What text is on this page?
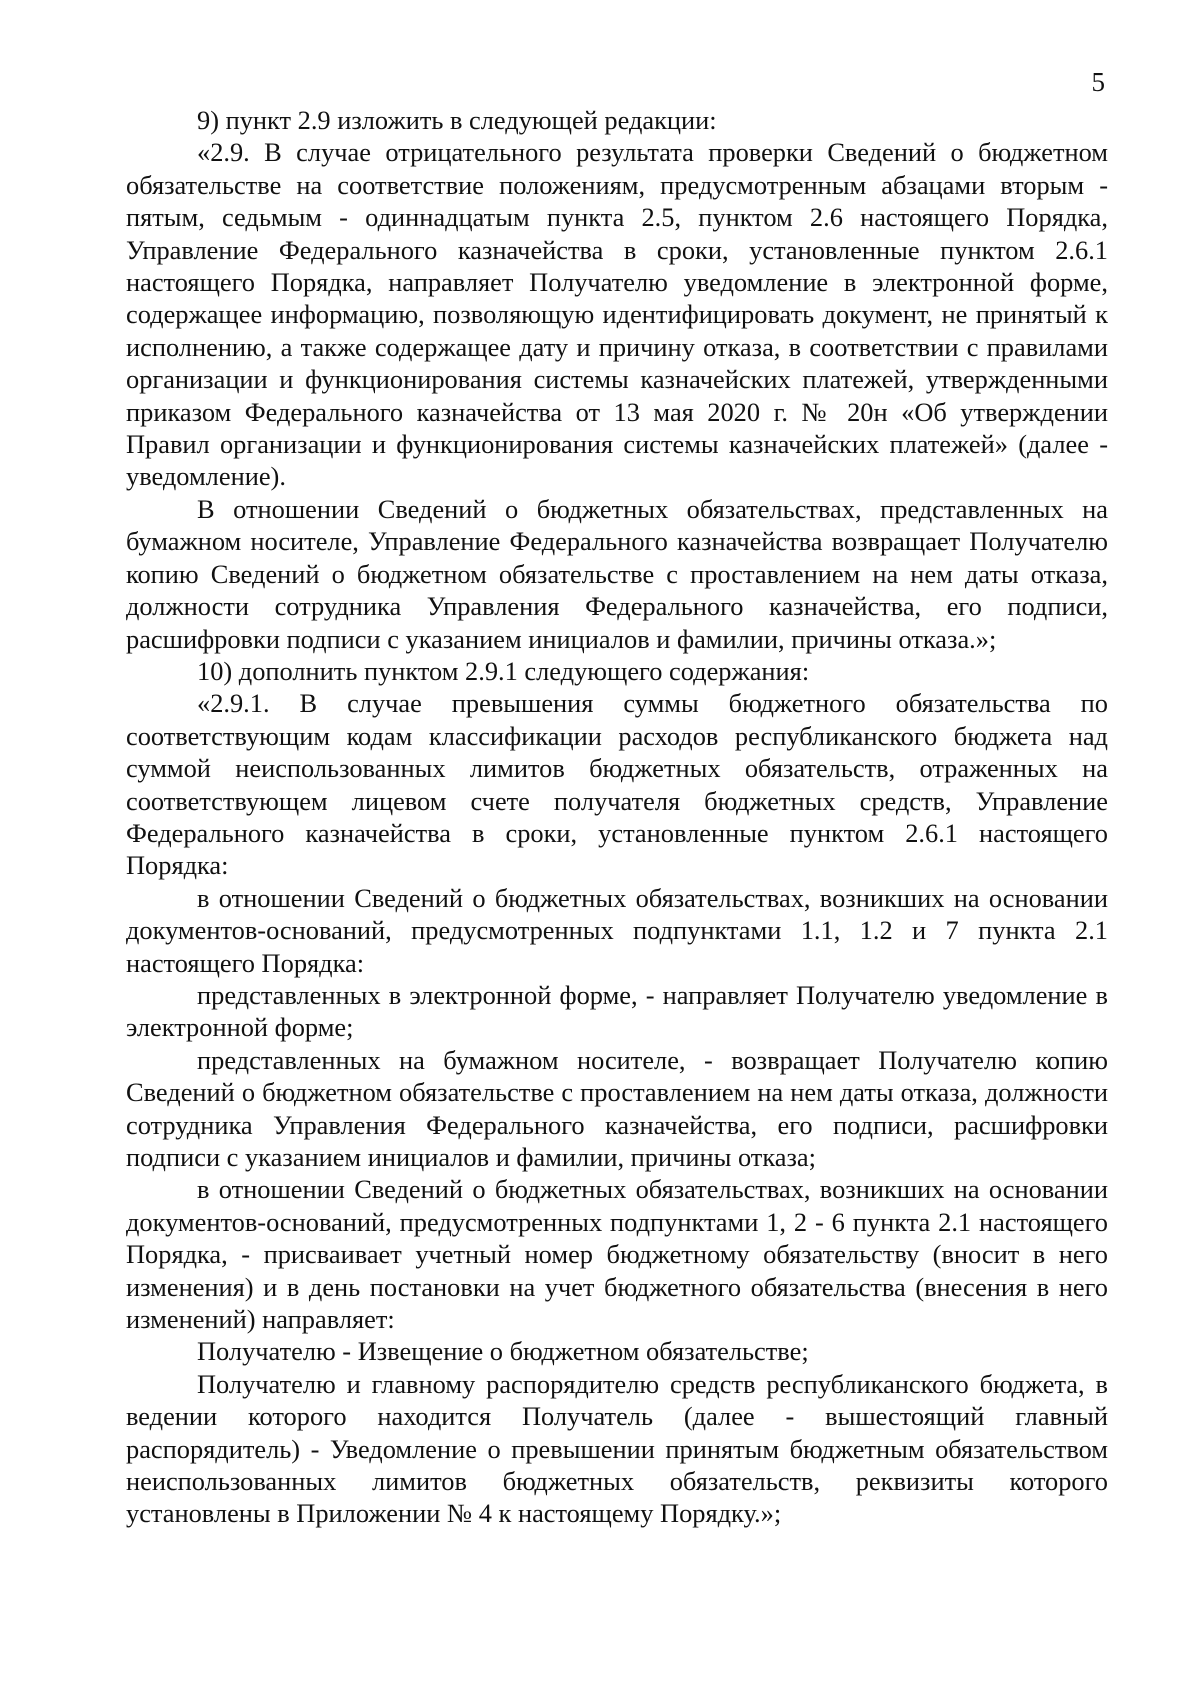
5

9) пункт 2.9 изложить в следующей редакции:

«2.9. В случае отрицательного результата проверки Сведений о бюджетном обязательстве на соответствие положениям, предусмотренным абзацами вторым - пятым, седьмым - одиннадцатым пункта 2.5, пунктом 2.6 настоящего Порядка, Управление Федерального казначейства в сроки, установленные пунктом 2.6.1 настоящего Порядка, направляет Получателю уведомление в электронной форме, содержащее информацию, позволяющую идентифицировать документ, не принятый к исполнению, а также содержащее дату и причину отказа, в соответствии с правилами организации и функционирования системы казначейских платежей, утвержденными приказом Федерального казначейства от 13 мая 2020 г. № 20н «Об утверждении Правил организации и функционирования системы казначейских платежей» (далее - уведомление).

В отношении Сведений о бюджетных обязательствах, представленных на бумажном носителе, Управление Федерального казначейства возвращает Получателю копию Сведений о бюджетном обязательстве с проставлением на нем даты отказа, должности сотрудника Управления Федерального казначейства, его подписи, расшифровки подписи с указанием инициалов и фамилии, причины отказа.»;

10) дополнить пунктом 2.9.1 следующего содержания:

«2.9.1. В случае превышения суммы бюджетного обязательства по соответствующим кодам классификации расходов республиканского бюджета над суммой неиспользованных лимитов бюджетных обязательств, отраженных на соответствующем лицевом счете получателя бюджетных средств, Управление Федерального казначейства в сроки, установленные пунктом 2.6.1 настоящего Порядка:

в отношении Сведений о бюджетных обязательствах, возникших на основании документов-оснований, предусмотренных подпунктами 1.1, 1.2 и 7 пункта 2.1 настоящего Порядка:

представленных в электронной форме, - направляет Получателю уведомление в электронной форме;

представленных на бумажном носителе, - возвращает Получателю копию Сведений о бюджетном обязательстве с проставлением на нем даты отказа, должности сотрудника Управления Федерального казначейства, его подписи, расшифровки подписи с указанием инициалов и фамилии, причины отказа;

в отношении Сведений о бюджетных обязательствах, возникших на основании документов-оснований, предусмотренных подпунктами 1, 2 - 6 пункта 2.1 настоящего Порядка, - присваивает учетный номер бюджетному обязательству (вносит в него изменения) и в день постановки на учет бюджетного обязательства (внесения в него изменений) направляет:

Получателю - Извещение о бюджетном обязательстве;

Получателю и главному распорядителю средств республиканского бюджета, в ведении которого находится Получатель (далее - вышестоящий главный распорядитель) - Уведомление о превышении принятым бюджетным обязательством неиспользованных лимитов бюджетных обязательств, реквизиты которого установлены в Приложении № 4 к настоящему Порядку.»;
